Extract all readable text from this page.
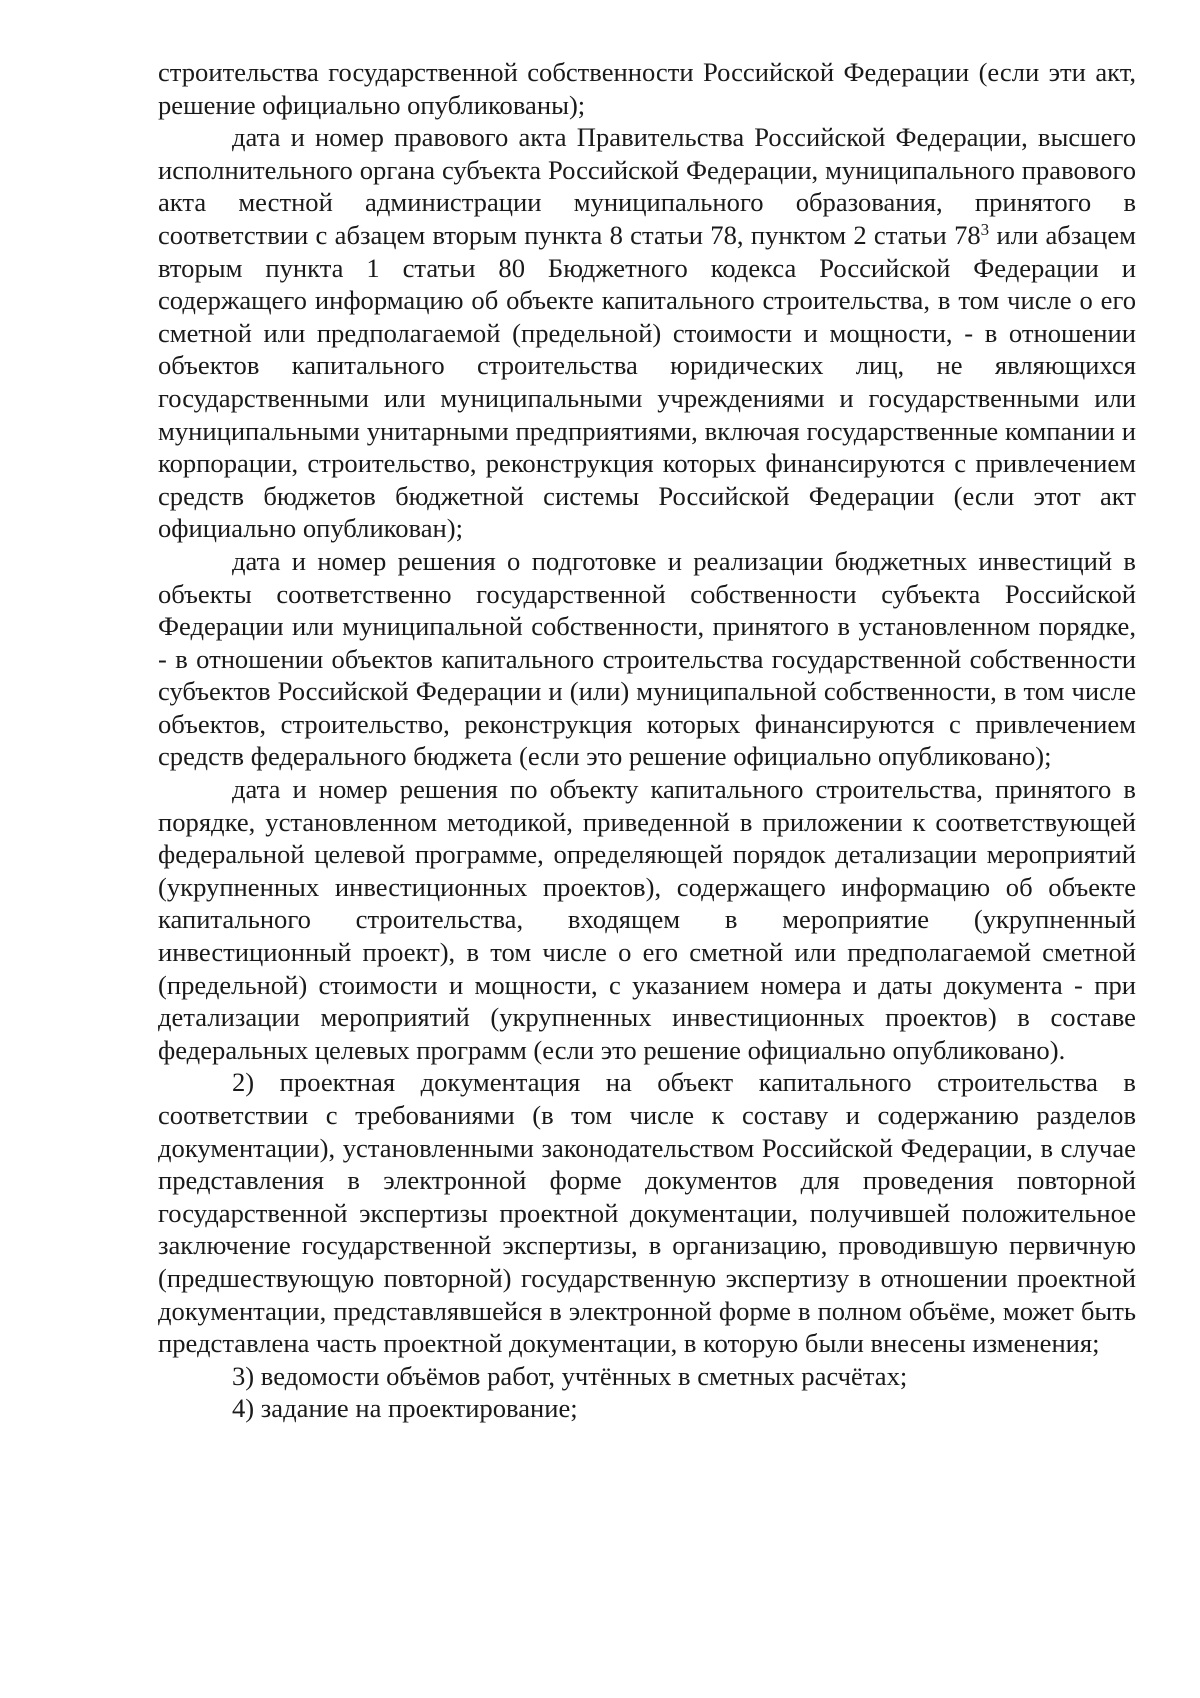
строительства государственной собственности Российской Федерации (если эти акт, решение официально опубликованы);

дата и номер правового акта Правительства Российской Федерации, высшего исполнительного органа субъекта Российской Федерации, муниципального правового акта местной администрации муниципального образования, принятого в соответствии с абзацем вторым пункта 8 статьи 78, пунктом 2 статьи $78^3$ или абзацем вторым пункта 1 статьи 80 Бюджетного кодекса Российской Федерации и содержащего информацию об объекте капитального строительства, в том числе о его сметной или предполагаемой (предельной) стоимости и мощности, - в отношении объектов капитального строительства юридических лиц, не являющихся государственными или муниципальными учреждениями и государственными или муниципальными унитарными предприятиями, включая государственные компании и корпорации, строительство, реконструкция которых финансируются с привлечением средств бюджетов бюджетной системы Российской Федерации (если этот акт официально опубликован);

дата и номер решения о подготовке и реализации бюджетных инвестиций в объекты соответственно государственной собственности субъекта Российской Федерации или муниципальной собственности, принятого в установленном порядке, - в отношении объектов капитального строительства государственной собственности субъектов Российской Федерации и (или) муниципальной собственности, в том числе объектов, строительство, реконструкция которых финансируются с привлечением средств федерального бюджета (если это решение официально опубликовано);

дата и номер решения по объекту капитального строительства, принятого в порядке, установленном методикой, приведенной в приложении к соответствующей федеральной целевой программе, определяющей порядок детализации мероприятий (укрупненных инвестиционных проектов), содержащего информацию об объекте капитального строительства, входящем в мероприятие (укрупненный инвестиционный проект), в том числе о его сметной или предполагаемой сметной (предельной) стоимости и мощности, с указанием номера и даты документа - при детализации мероприятий (укрупненных инвестиционных проектов) в составе федеральных целевых программ (если это решение официально опубликовано).

2) проектная документация на объект капитального строительства в соответствии с требованиями (в том числе к составу и содержанию разделов документации), установленными законодательством Российской Федерации, в случае представления в электронной форме документов для проведения повторной государственной экспертизы проектной документации, получившей положительное заключение государственной экспертизы, в организацию, проводившую первичную (предшествующую повторной) государственную экспертизу в отношении проектной документации, представлявшейся в электронной форме в полном объёме, может быть представлена часть проектной документации, в которую были внесены изменения;

3) ведомости объёмов работ, учтённых в сметных расчётах;

4) задание на проектирование;
